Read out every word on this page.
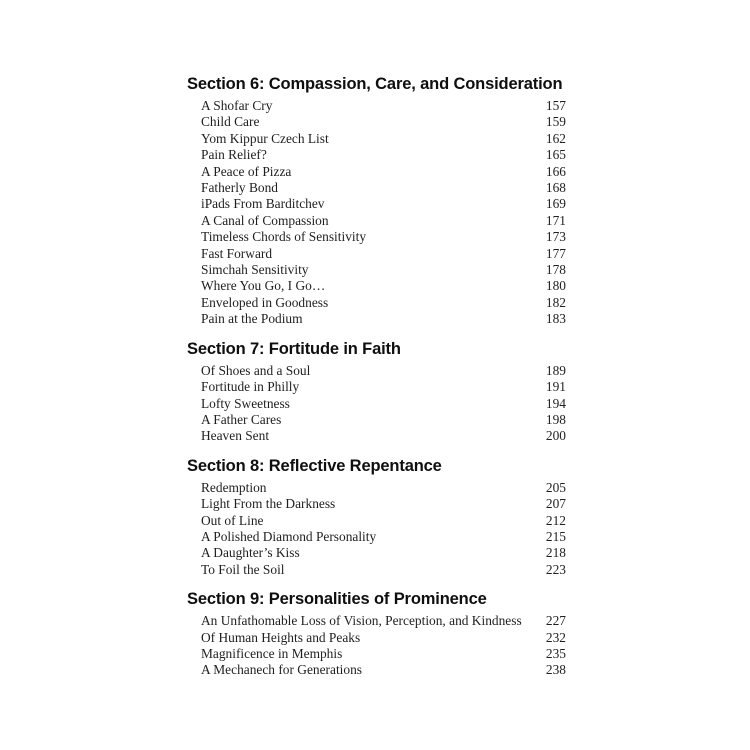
Section 6: Compassion, Care, and Consideration
A Shofar Cry	157
Child Care	159
Yom Kippur Czech List	162
Pain Relief?	165
A Peace of Pizza	166
Fatherly Bond	168
iPads From Barditchev	169
A Canal of Compassion	171
Timeless Chords of Sensitivity	173
Fast Forward	177
Simchah Sensitivity	178
Where You Go, I Go…	180
Enveloped in Goodness	182
Pain at the Podium	183
Section 7: Fortitude in Faith
Of Shoes and a Soul	189
Fortitude in Philly	191
Lofty Sweetness	194
A Father Cares	198
Heaven Sent	200
Section 8: Reflective Repentance
Redemption	205
Light From the Darkness	207
Out of Line	212
A Polished Diamond Personality	215
A Daughter’s Kiss	218
To Foil the Soil	223
Section 9: Personalities of Prominence
An Unfathomable Loss of Vision, Perception, and Kindness 227
Of Human Heights and Peaks	232
Magnificence in Memphis	235
A Mechanech for Generations	238
